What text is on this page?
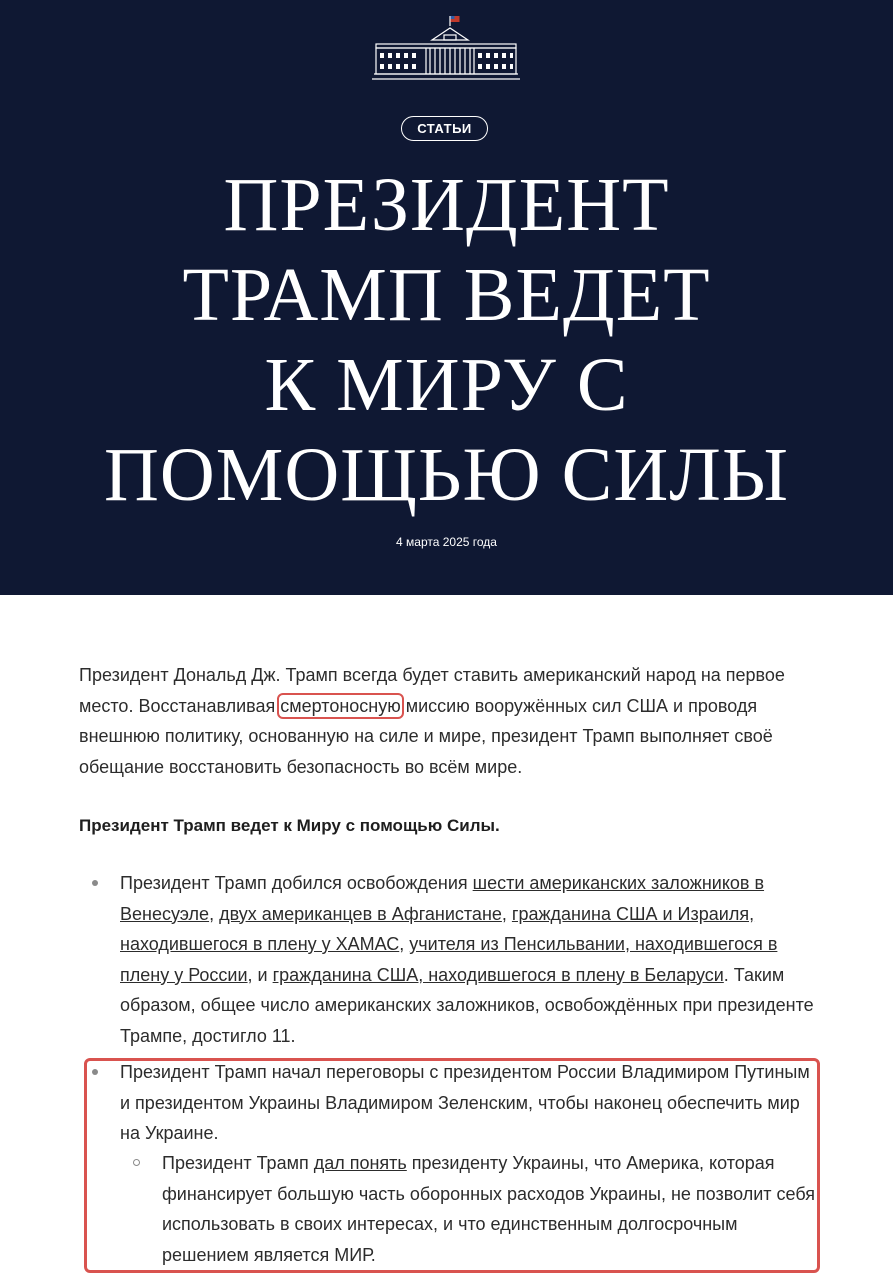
СТАТЬИ
ПРЕЗИДЕНТ
ТРАМП ВЕДЕТ
К МИРУ С
ПОМОЩЬЮ СИЛЫ
4 марта 2025 года

Президент Дональд Дж. Трамп всегда будет ставить американский народ на первое место. Восстанавливая смертоносную миссию вооружённых сил США и проводя внешнюю политику, основанную на силе и мире, президент Трамп выполняет своё обещание восстановить безопасность во всём мире.

Президент Трамп ведет к Миру с помощью Силы.

Президент Трамп добился освобождения шести американских заложников в Венесуэле, двух американцев в Афганистане, гражданина США и Израиля, находившегося в плену у ХАМАС, учителя из Пенсильвании, находившегося в плену у России, и гражданина США, находившегося в плену в Беларуси. Таким образом, общее число американских заложников, освобождённых при президенте Трампе, достигло 11.
Президент Трамп начал переговоры с президентом России Владимиром Путиным и президентом Украины Владимиром Зеленским, чтобы наконец обеспечить мир на Украине.
Президент Трамп дал понять президенту Украины, что Америка, которая финансирует большую часть оборонных расходов Украины, не позволит себя использовать в своих интересах, и что единственным долгосрочным решением является МИР.
